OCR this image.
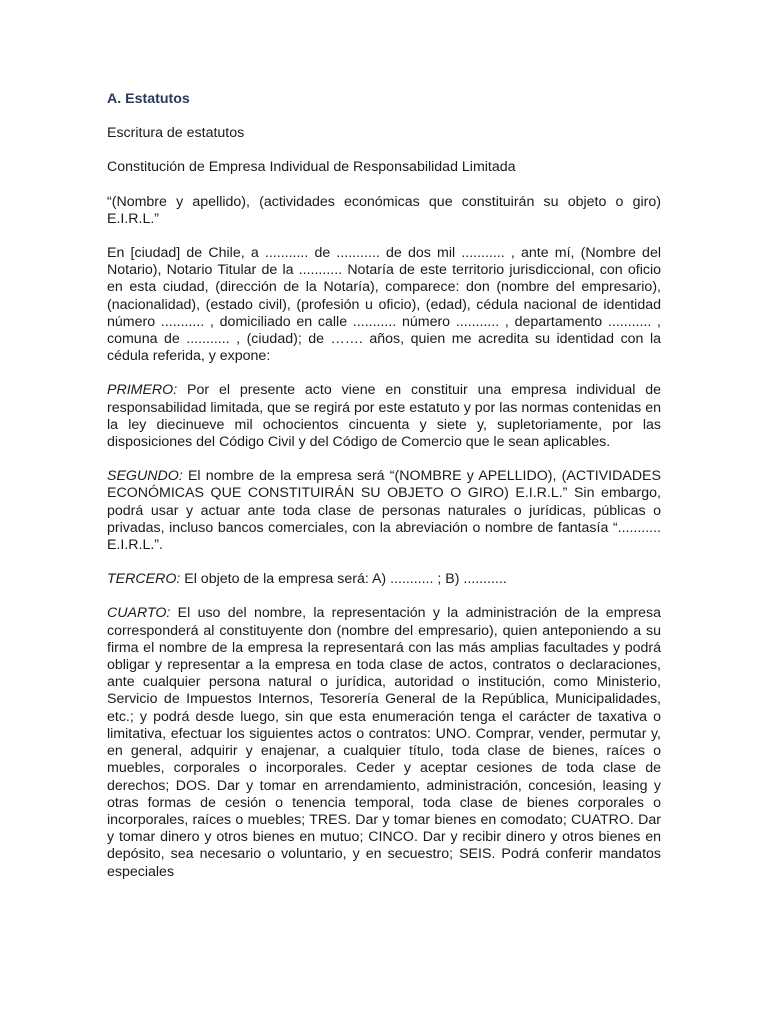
A. Estatutos

Escritura de estatutos

Constitución de Empresa Individual de Responsabilidad Limitada

“(Nombre y apellido), (actividades económicas que constituirán su objeto o giro) E.I.R.L.”

En [ciudad] de Chile, a ........... de ........... de dos mil ........... , ante mí, (Nombre del Notario), Notario Titular de la ........... Notaría de este territorio jurisdiccional, con oficio en esta ciudad, (dirección de la Notaría), comparece: don (nombre del empresario), (nacionalidad), (estado civil), (profesión u oficio), (edad), cédula nacional de identidad número ........... , domiciliado en calle ........... número ........... , departamento ........... , comuna de ........... , (ciudad); de ……. años, quien me acredita su identidad con la cédula referida, y expone:

PRIMERO: Por el presente acto viene en constituir una empresa individual de responsabilidad limitada, que se regirá por este estatuto y por las normas contenidas en la ley diecinueve mil ochocientos cincuenta y siete y, supletoriamente, por las disposiciones del Código Civil y del Código de Comercio que le sean aplicables.

SEGUNDO: El nombre de la empresa será “(NOMBRE y APELLIDO), (ACTIVIDADES ECONÓMICAS QUE CONSTITUIRÁN SU OBJETO O GIRO) E.I.R.L.” Sin embargo, podrá usar y actuar ante toda clase de personas naturales o jurídicas, públicas o privadas, incluso bancos comerciales, con la abreviación o nombre de fantasía “........... E.I.R.L.”.

TERCERO: El objeto de la empresa será: A) ........... ; B) ...........

CUARTO: El uso del nombre, la representación y la administración de la empresa corresponderá al constituyente don (nombre del empresario), quien anteponiendo a su firma el nombre de la empresa la representará con las más amplias facultades y podrá obligar y representar a la empresa en toda clase de actos, contratos o declaraciones, ante cualquier persona natural o jurídica, autoridad o institución, como Ministerio, Servicio de Impuestos Internos, Tesorería General de la República, Municipalidades, etc.; y podrá desde luego, sin que esta enumeración tenga el carácter de taxativa o limitativa, efectuar los siguientes actos o contratos: UNO. Comprar, vender, permutar y, en general, adquirir y enajenar, a cualquier título, toda clase de bienes, raíces o muebles, corporales o incorporales. Ceder y aceptar cesiones de toda clase de derechos; DOS. Dar y tomar en arrendamiento, administración, concesión, leasing y otras formas de cesión o tenencia temporal, toda clase de bienes corporales o incorporales, raíces o muebles; TRES. Dar y tomar bienes en comodato; CUATRO. Dar y tomar dinero y otros bienes en mutuo; CINCO. Dar y recibir dinero y otros bienes en depósito, sea necesario o voluntario, y en secuestro; SEIS. Podrá conferir mandatos especiales
